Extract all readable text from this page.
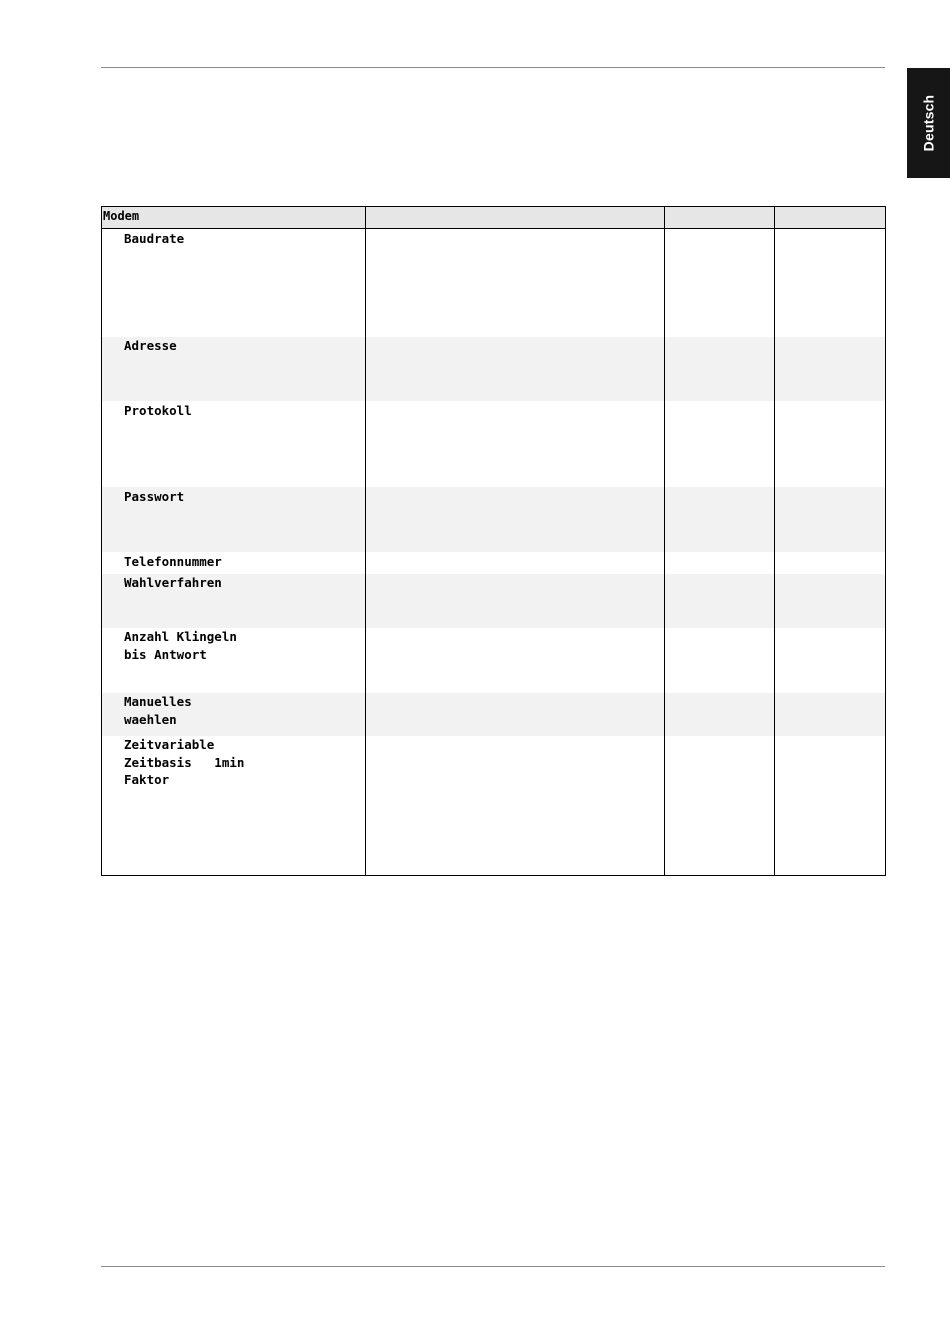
Deutsch
Baudrate
Adresse
Protokoll
Passwort
Telefonnummer
Wahlverfahren
Anzahl Klingeln
bis Antwort
Manuelles
waehlen
Zeitvariable
Zeitbasis   1min
Faktor
Modem
